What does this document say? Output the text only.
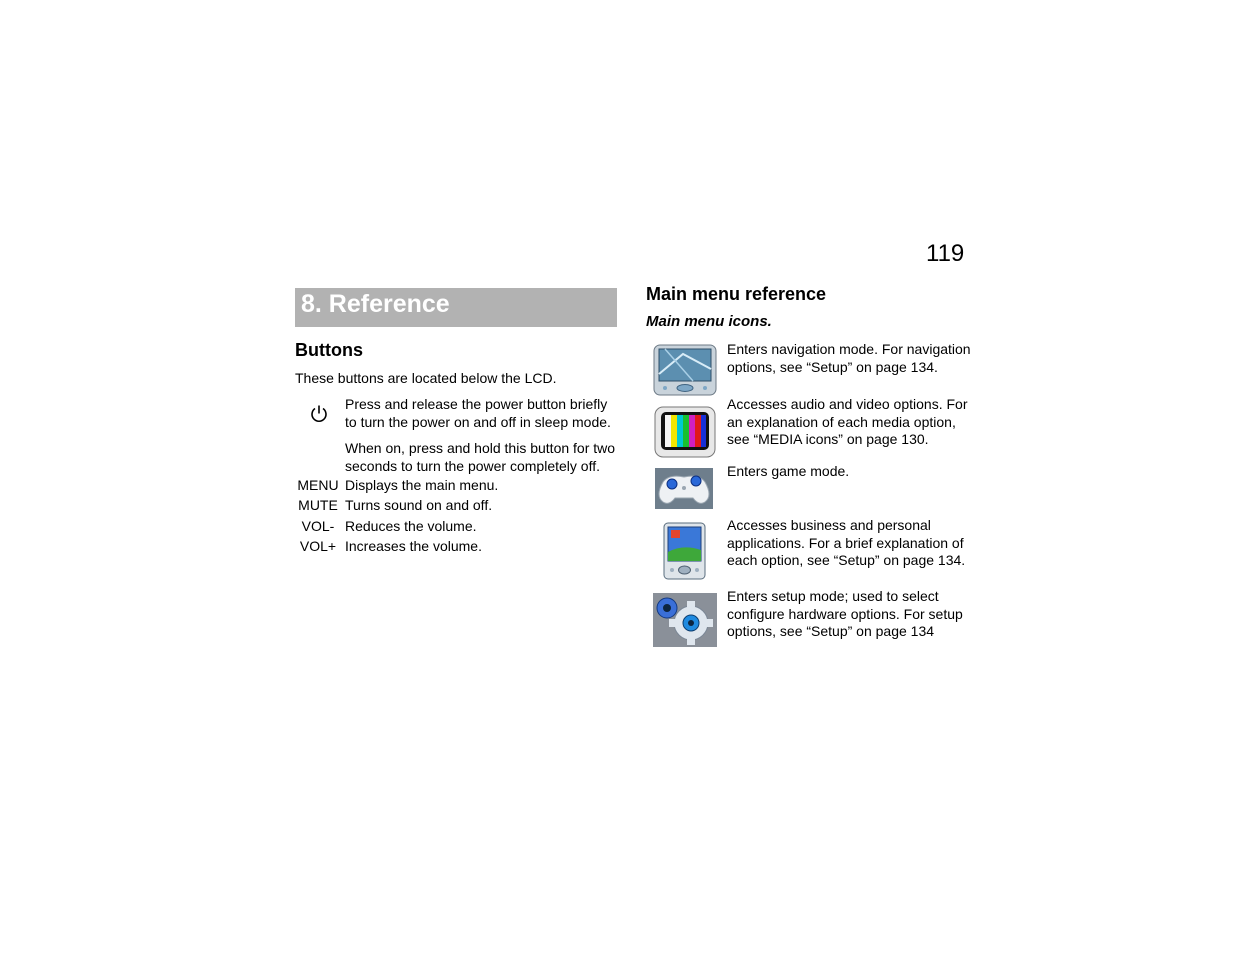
119
8. Reference
Buttons
These buttons are located below the LCD.
Press and release the power button briefly to turn the power on and off in sleep mode.
When on, press and hold this button for two seconds to turn the power completely off.
MENU Displays the main menu.
MUTE Turns sound on and off.
VOL- Reduces the volume.
VOL+ Increases the volume.
Main menu reference
Main menu icons.
Enters navigation mode. For navigation options, see “Setup” on page 134.
Accesses audio and video options. For an explanation of each media option, see “MEDIA icons” on page 130.
Enters game mode.
Accesses business and personal applications. For a brief explanation of each option, see “Setup” on page 134.
Enters setup mode; used to select configure hardware options. For setup options, see “Setup” on page 134
